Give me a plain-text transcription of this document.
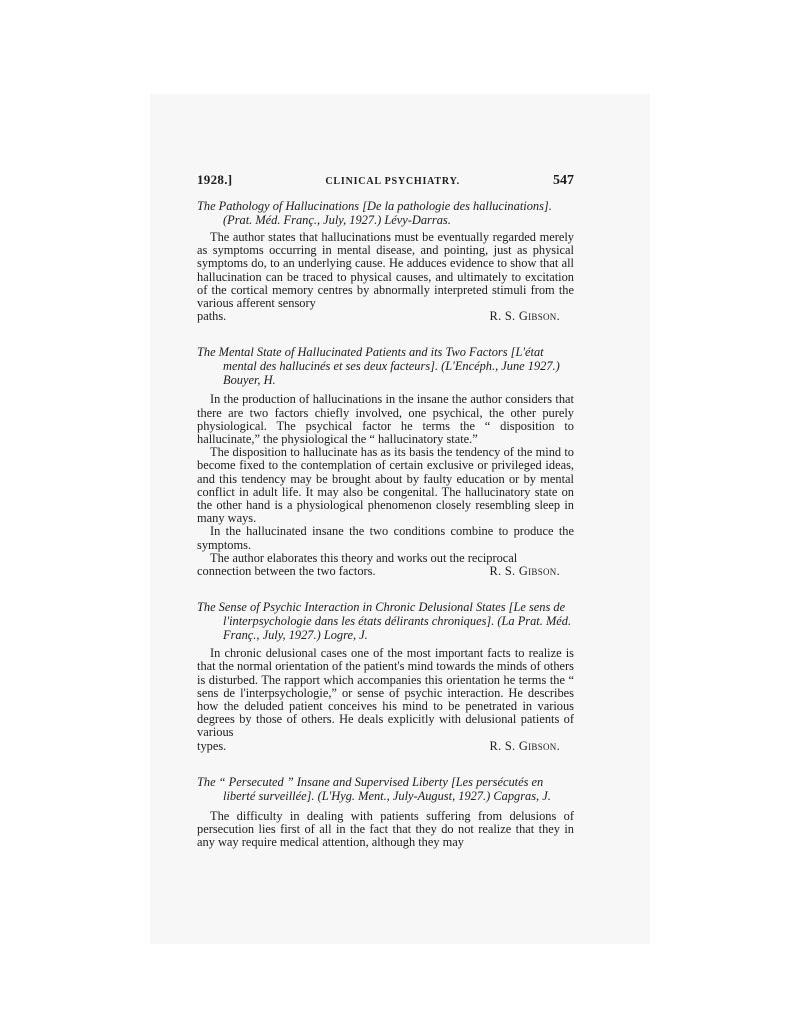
1928.]	CLINICAL PSYCHIATRY.	547

The Pathology of Hallucinations [De la pathologie des hallucinations]. (Prat. Méd. Franç., July, 1927.) Lévy-Darras.

The author states that hallucinations must be eventually regarded merely as symptoms occurring in mental disease, and pointing, just as physical symptoms do, to an underlying cause. He adduces evidence to show that all hallucination can be traced to physical causes, and ultimately to excitation of the cortical memory centres by abnormally interpreted stimuli from the various afferent sensory

paths.	R. S. Gibson.

The Mental State of Hallucinated Patients and its Two Factors [L'état mental des hallucinés et ses deux facteurs]. (L'Encéph., June 1927.) Bouyer, H.

In the production of hallucinations in the insane the author considers that there are two factors chiefly involved, one psychical, the other purely physiological. The psychical factor he terms the “ disposition to hallucinate,” the physiological the “ hallucinatory state.”

The disposition to hallucinate has as its basis the tendency of the mind to become fixed to the contemplation of certain exclusive or privileged ideas, and this tendency may be brought about by faulty education or by mental conflict in adult life. It may also be congenital. The hallucinatory state on the other hand is a physiological phenomenon closely resembling sleep in many ways.

In the hallucinated insane the two conditions combine to produce the symptoms.

The author elaborates this theory and works out the reciprocal

connection between the two factors.	R. S. Gibson.

The Sense of Psychic Interaction in Chronic Delusional States [Le sens de l'interpsychologie dans les états délirants chroniques]. (La Prat. Méd. Franç., July, 1927.) Logre, J.

In chronic delusional cases one of the most important facts to realize is that the normal orientation of the patient's mind towards the minds of others is disturbed. The rapport which accompanies this orientation he terms the “ sens de l'interpsychologie,” or sense of psychic interaction. He describes how the deluded patient conceives his mind to be penetrated in various degrees by those of others. He deals explicitly with delusional patients of various

types.	R. S. Gibson.

The “ Persecuted ” Insane and Supervised Liberty [Les persécutés en liberté surveillée]. (L'Hyg. Ment., July-August, 1927.) Capgras, J.

The difficulty in dealing with patients suffering from delusions of persecution lies first of all in the fact that they do not realize that they in any way require medical attention, although they may
